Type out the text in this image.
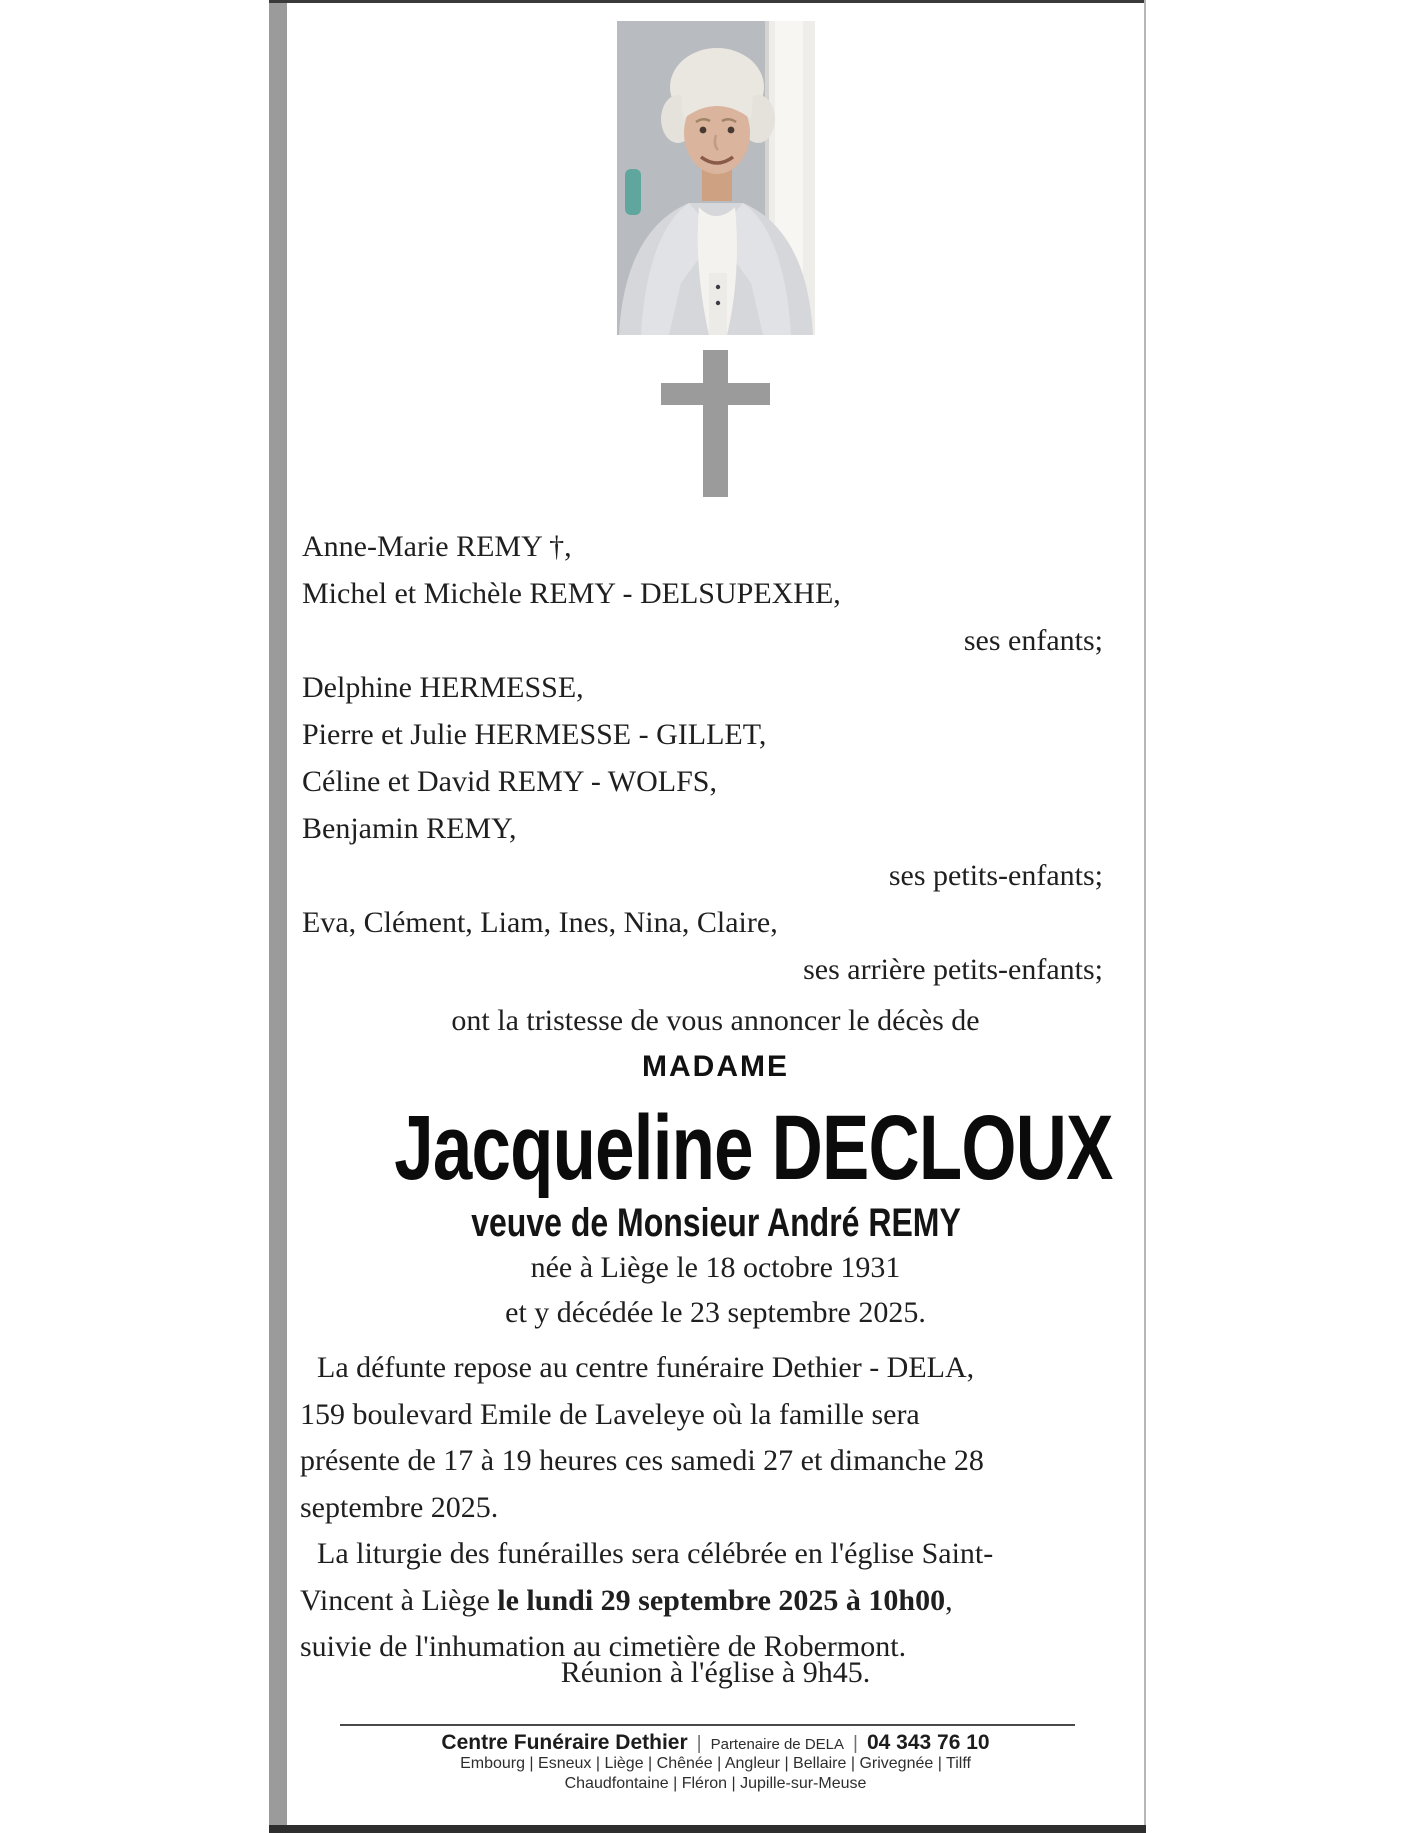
Anne-Marie REMY †,
Michel et Michèle REMY - DELSUPEXHE,
ses enfants;
Delphine HERMESSE,
Pierre et Julie HERMESSE - GILLET,
Céline et David REMY - WOLFS,
Benjamin REMY,
ses petits-enfants;
Eva, Clément, Liam, Ines, Nina, Claire,
ses arrière petits-enfants;
ont la tristesse de vous annoncer le décès de
MADAME
Jacqueline DECLOUX
veuve de Monsieur André REMY
née à Liège le 18 octobre 1931
et y décédée le 23 septembre 2025.
La défunte repose au centre funéraire Dethier - DELA,
159 boulevard Emile de Laveleye où la famille sera
présente de 17 à 19 heures ces samedi 27 et dimanche 28
septembre 2025.
La liturgie des funérailles sera célébrée en l'église Saint-
Vincent à Liège le lundi 29 septembre 2025 à 10h00,
suivie de l'inhumation au cimetière de Robermont.
Réunion à l'église à 9h45.
Centre Funéraire Dethier | Partenaire de DELA | 04 343 76 10
Embourg | Esneux | Liège | Chênée | Angleur | Bellaire | Grivegnée | Tilff
Chaudfontaine | Fléron | Jupille-sur-Meuse
